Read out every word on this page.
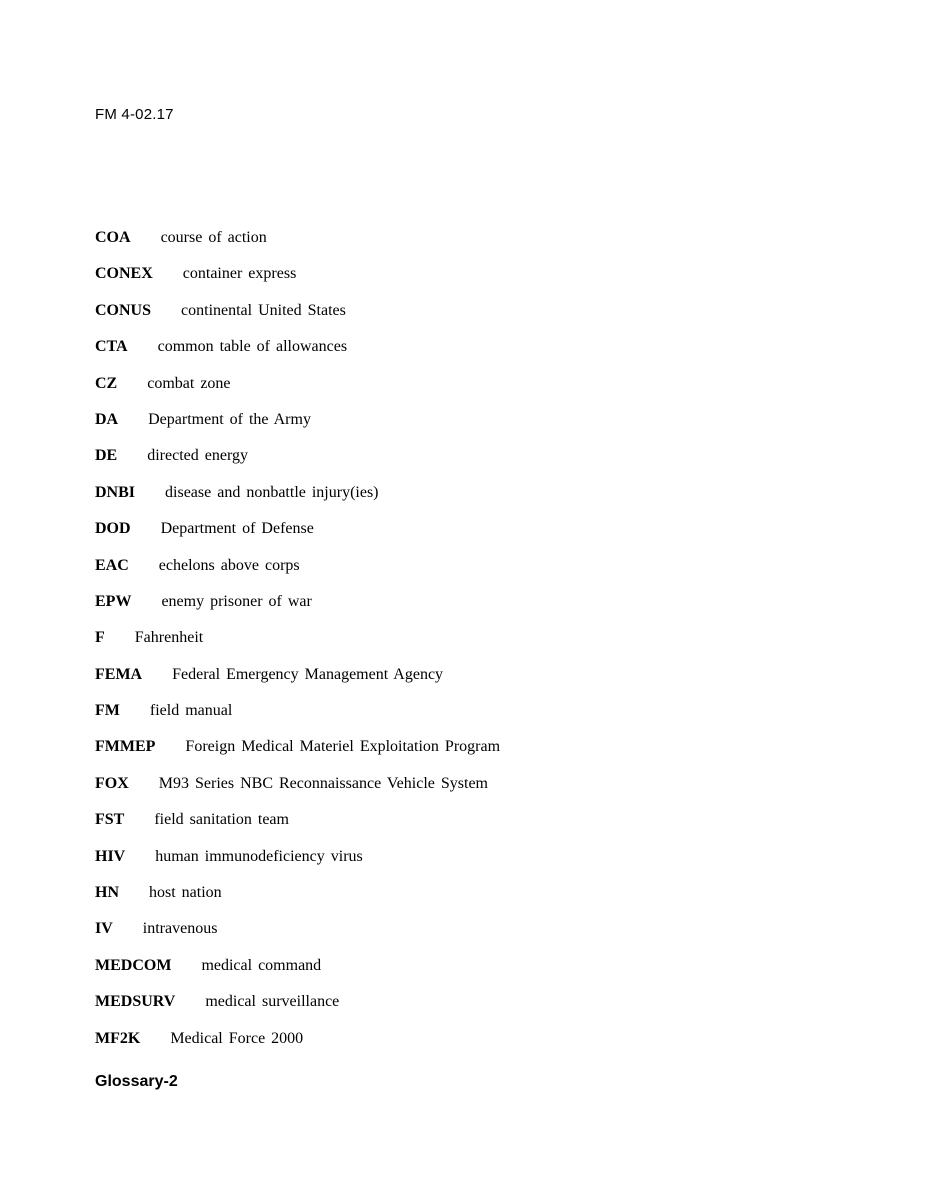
FM 4-02.17
COA course of action
CONEX container express
CONUS continental United States
CTA common table of allowances
CZ combat zone
DA Department of the Army
DE directed energy
DNBI disease and nonbattle injury(ies)
DOD Department of Defense
EAC echelons above corps
EPW enemy prisoner of war
F Fahrenheit
FEMA Federal Emergency Management Agency
FM field manual
FMMEP Foreign Medical Materiel Exploitation Program
FOX M93 Series NBC Reconnaissance Vehicle System
FST field sanitation team
HIV human immunodeficiency virus
HN host nation
IV intravenous
MEDCOM medical command
MEDSURV medical surveillance
MF2K Medical Force 2000
Glossary-2
